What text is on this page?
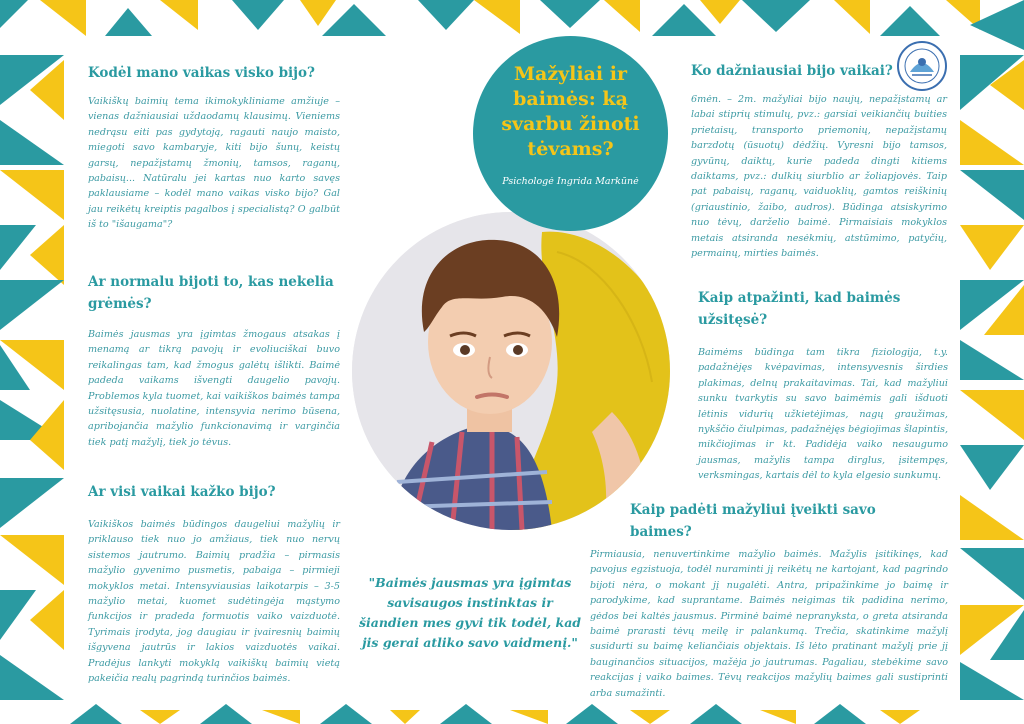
Mažyliai ir baimės: ką svarbu žinoti tėvams?
Psichologė Ingrida Markūnė
Kodėl mano vaikas visko bijo?

Vaikiškų baimių tema ikimokykliniame amžiuje – vienas dažniausiai uždaodamų klausimų. Vieniems nedrąsu eiti pas gydytoją, ragauti naujo maisto, miegoti savo kambaryje, kiti bijo šunų, keistų garsų, nepažįstamų žmonių, tamsos, raganų, pabaisų... Natūralu jei kartas nuo karto savęs paklausiame – kodėl mano vaikas visko bijo? Gal jau reikėtų kreiptis pagalbos į specialistą? O galbūt iš to "išaugama"?

Ar normalu bijoti to, kas nekelia grėmės?

Baimės jausmas yra įgimtas žmogaus atsakas į menamą ar tikrą pavojų ir evoliuciškai buvo reikalingas tam, kad žmogus galėtų išlikti. Baimė padeda vaikams išvengti daugelio pavojų. Problemos kyla tuomet, kai vaikiškos baimės tampa užsitęsusia, nuolatine, intensyvia nerimo būsena, apribojančia mažylio funkcionavimą ir varginčia tiek patį mažylį, tiek jo tėvus.

Ar visi vaikai kažko bijo?

Vaikiškos baimės būdingos daugeliui mažylių ir priklauso tiek nuo jo amžiaus, tiek nuo nervų sistemos jautrumo. Baimių pradžia – pirmasis mažylio gyvenimo pusmetis, pabaiga – pirmieji mokyklos metai. Intensyviausias laikotarpis – 3-5 mažylio metai, kuomet sudėtingėja mąstymo funkcijos ir pradeda formuotis vaiko vaizduotė. Tyrimais įrodyta, jog daugiau ir įvairesnių baimių išgyvena jautrūs ir lakios vaizduotės vaikai. Pradėjus lankyti mokyklą vaikiškų baimių vietą pakeičia realų pagrindą turinčios baimės.

"Baimės jausmas yra įgimtas savisaugos instinktas ir šiandien mes gyvi tik todėl, kad jis gerai atliko savo vaidmenį."
Ko dažniausiai bijo vaikai?

6mėn. – 2m. mažyliai bijo naujų, nepažįstamų ar labai stiprių stimulų, pvz.: garsiai veikiančių buities prietaisų, transporto priemonių, nepažįstamų barzdotų (ūsuotų) dėdžių. Vyresni bijo tamsos, gyvūnų, daiktų, kurie padeda dingti kitiems daiktams, pvz.: dulkių siurblio ar žoliapjovės. Taip pat pabaisų, raganų, vaiduoklių, gamtos reiškinių (griaustinio, žaibo, audros). Būdinga atsiskyrimo nuo tėvų, darželio baimė. Pirmaisiais mokyklos metais atsiranda nesėkmių, atstūmimo, patyčių, permainų, mirties baimės.

Kaip atpažinti, kad baimės užsitęsė?

Baimėms būdinga tam tikra fiziologija, t.y. padažnėjęs kvėpavimas, intensyvesnis širdies plakimas, delnų prakaitavimas. Tai, kad mažyliui sunku tvarkytis su savo baimėmis gali išduoti lėtinis vidurių užkietėjimas, nagų graužimas, nykščio čiulpimas, padažnėjęs bėgiojimas šlapintis, mikčiojimas ir kt. Padidėja vaiko nesaugumo jausmas, mažylis tampa dirglus, įsitempęs, verksmingas, kartais dėl to kyla elgesio sunkumų.

Kaip padėti mažyliui įveikti savo baimes?

Pirmiausia, nenuvertinkime mažylio baimės. Mažylis įsitikinęs, kad pavojus egzistuoja, todėl nuraminti jį reikėtų ne kartojant, kad pagrindo bijoti nėra, o mokant jį nugalėti. Antra, pripažinkime jo baimę ir parodykime, kad suprantame. Baimės neigimas tik padidina nerimo, gėdos bei kaltės jausmus. Pirminė baimė nepranyksta, o greta atsiranda baimė prarasti tėvų meilę ir palankumą. Trečia, skatinkime mažylį susidurti su baimę keliančiais objektais. Iš lėto pratinant mažylį prie jį bauginančios situacijos, mažėja jo jautrumas. Pagaliau, stebėkime savo reakcijas į vaiko baimes. Tėvų reakcijos mažylių baimes gali sustiprinti arba sumažinti.
